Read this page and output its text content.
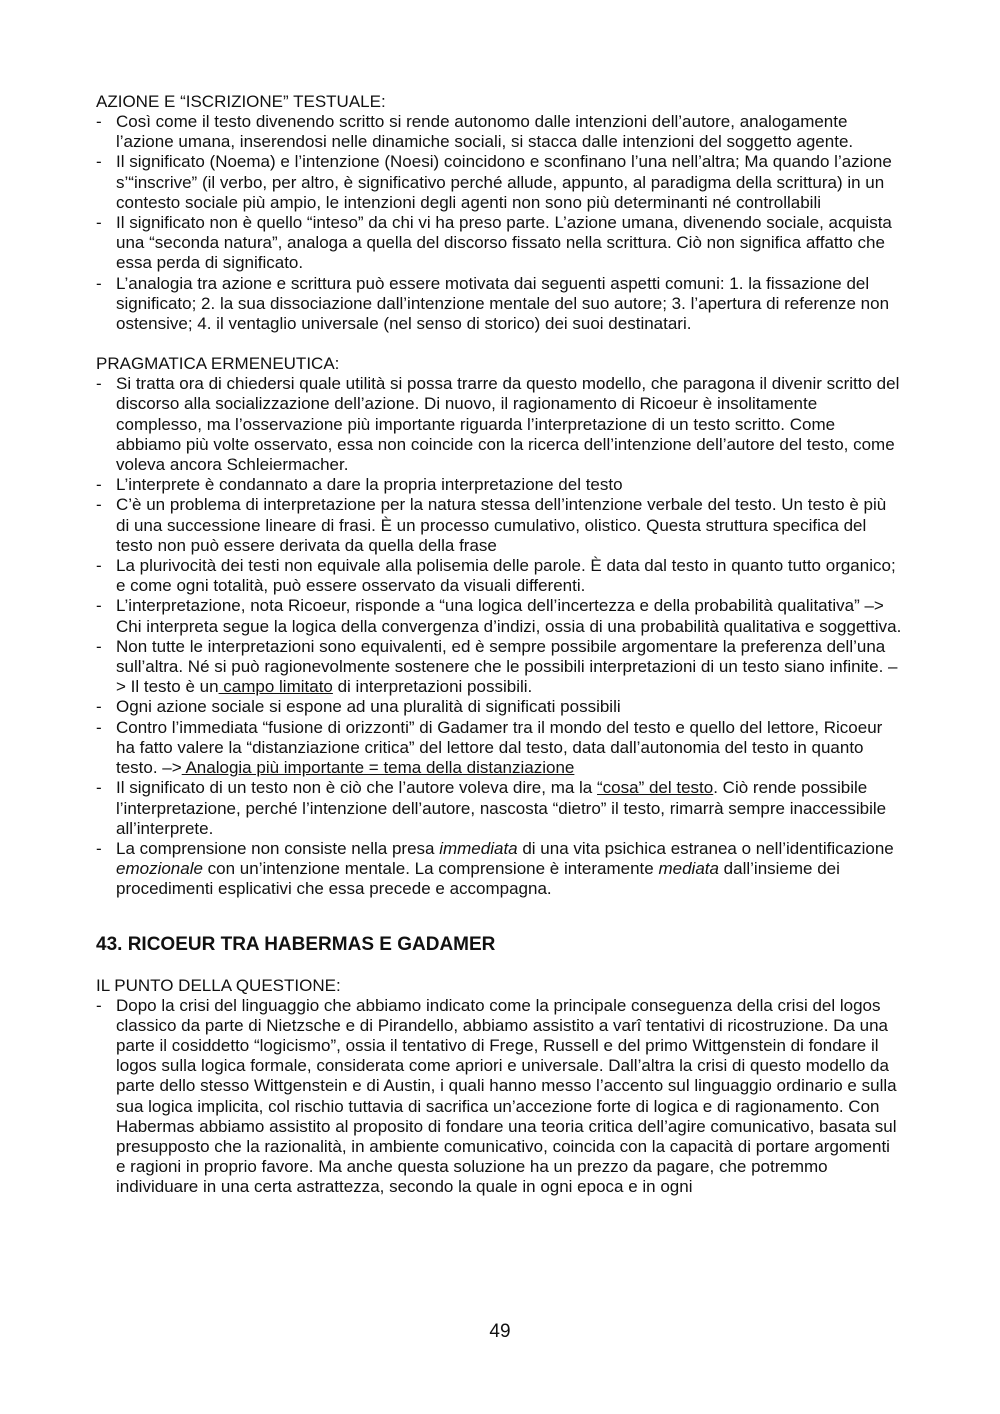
AZIONE E “ISCRIZIONE” TESTUALE:

- Così come il testo divenendo scritto si rende autonomo dalle intenzioni dell’autore, analogamente l’azione umana, inserendosi nelle dinamiche sociali, si stacca dalle intenzioni del soggetto agente.
- Il significato (Noema) e l’intenzione (Noesi) coincidono e sconfinano l’una nell’altra; Ma quando l’azione s’“inscrive” (il verbo, per altro, è significativo perché allude, appunto, al paradigma della scrittura) in un contesto sociale più ampio, le intenzioni degli agenti non sono più determinanti né controllabili
- Il significato non è quello “inteso” da chi vi ha preso parte. L’azione umana, divenendo sociale, acquista una “seconda natura”, analoga a quella del discorso fissato nella scrittura. Ciò non significa affatto che essa perda di significato.
- L’analogia tra azione e scrittura può essere motivata dai seguenti aspetti comuni: 1. la fissazione del significato; 2. la sua dissociazione dall’intenzione mentale del suo autore; 3. l’apertura di referenze non ostensive; 4. il ventaglio universale (nel senso di storico) dei suoi destinatari.

PRAGMATICA ERMENEUTICA:

- Si tratta ora di chiedersi quale utilità si possa trarre da questo modello, che paragona il divenir scritto del discorso alla socializzazione dell’azione. Di nuovo, il ragionamento di Ricoeur è insolitamente complesso, ma l’osservazione più importante riguarda l’interpretazione di un testo scritto. Come abbiamo più volte osservato, essa non coincide con la ricerca dell’intenzione dell’autore del testo, come voleva ancora Schleiermacher.
- L’interprete è condannato a dare la propria interpretazione del testo
- C’è un problema di interpretazione per la natura stessa dell’intenzione verbale del testo. Un testo è più di una successione lineare di frasi. È un processo cumulativo, olistico. Questa struttura specifica del testo non può essere derivata da quella della frase
- La plurivocità dei testi non equivale alla polisemia delle parole. È data dal testo in quanto tutto organico; e come ogni totalità, può essere osservato da visuali differenti.
- L’interpretazione, nota Ricoeur, risponde a “una logica dell’incertezza e della probabilità qualitativa” –> Chi interpreta segue la logica della convergenza d’indizi, ossia di una probabilità qualitativa e soggettiva.
- Non tutte le interpretazioni sono equivalenti, ed è sempre possibile argomentare la preferenza dell’una sull’altra. Né si può ragionevolmente sostenere che le possibili interpretazioni di un testo siano infinite. –> Il testo è un campo limitato di interpretazioni possibili.
- Ogni azione sociale si espone ad una pluralità di significati possibili
- Contro l’immediata “fusione di orizzonti” di Gadamer tra il mondo del testo e quello del lettore, Ricoeur ha fatto valere la “distanziazione critica” del lettore dal testo, data dall’autonomia del testo in quanto testo. –> Analogia più importante = tema della distanziazione
- Il significato di un testo non è ciò che l’autore voleva dire, ma la “cosa” del testo. Ciò rende possibile l’interpretazione, perché l’intenzione dell’autore, nascosta “dietro” il testo, rimarrà sempre inaccessibile all’interprete.
- La comprensione non consiste nella presa immediata di una vita psichica estranea o nell’identificazione emozionale con un’intenzione mentale. La comprensione è interamente mediata dall’insieme dei procedimenti esplicativi che essa precede e accompagna.
43. RICOEUR TRA HABERMAS E GADAMER

IL PUNTO DELLA QUESTIONE:

- Dopo la crisi del linguaggio che abbiamo indicato come la principale conseguenza della crisi del logos classico da parte di Nietzsche e di Pirandello, abbiamo assistito a varî tentativi di ricostruzione. Da una parte il cosiddetto “logicismo”, ossia il tentativo di Frege, Russell e del primo Wittgenstein di fondare il logos sulla logica formale, considerata come apriori e universale. Dall’altra la crisi di questo modello da parte dello stesso Wittgenstein e di Austin, i quali hanno messo l’accento sul linguaggio ordinario e sulla sua logica implicita, col rischio tuttavia di sacrifica un’accezione forte di logica e di ragionamento. Con Habermas abbiamo assistito al proposito di fondare una teoria critica dell’agire comunicativo, basata sul presupposto che la razionalità, in ambiente comunicativo, coincida con la capacità di portare argomenti e ragioni in proprio favore. Ma anche questa soluzione ha un prezzo da pagare, che potremmo individuare in una certa astrattezza, secondo la quale in ogni epoca e in ogni
49
